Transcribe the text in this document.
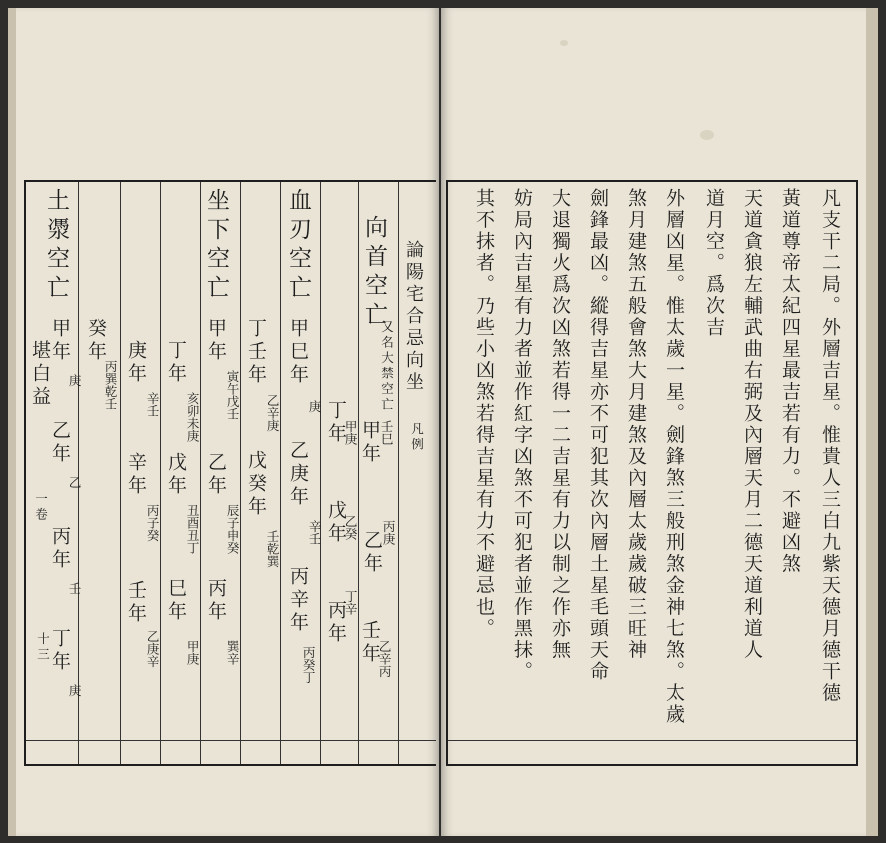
堪白益
一卷
十三
論陽宅合忌向坐
凡例
向首空亡
又名大禁空亡
甲年
壬巳
乙年
丙庚
壬年
乙辛丙
丁年
甲庚
戊年
乙癸
丁辛
丙年
血刃空亡
甲巳年
庚
乙庚年
辛壬
丙辛年
丙癸丁
丁壬年
乙辛庚
戊癸年
壬乾巽
坐下空亡
甲年
寅午戊壬
乙年
辰子申癸
丙年
巽辛
丁年
亥卯未庚
戊年
丑酉丑丁
巳年
甲庚
庚年
辛壬
辛年
丙子癸
壬年
乙庚辛
癸年
丙巽乾壬
土㵗空亡
甲年
庚
乙年
乙
丙年
壬
丁年
庚	凡支干二局。外層吉星。惟貴人三白九紫天德月德干德
黃道尊帝太紀四星最吉若有力。不避凶煞
天道貪狼左輔武曲右弼及內層天月二德天道利道人
道月空。爲次吉
外層凶星。惟太歲一星。劍鋒煞三般刑煞金神七煞。太歲
煞月建煞五般會煞大月建煞及內層太歲歲破三旺神
劍鋒最凶。縱得吉星亦不可犯其次內層土星毛頭天命
大退獨火爲次凶煞若得一二吉星有力以制之作亦無
妨局內吉星有力者並作紅字凶煞不可犯者並作黑抹。
其不抹者。乃些小凶煞若得吉星有力不避忌也。
